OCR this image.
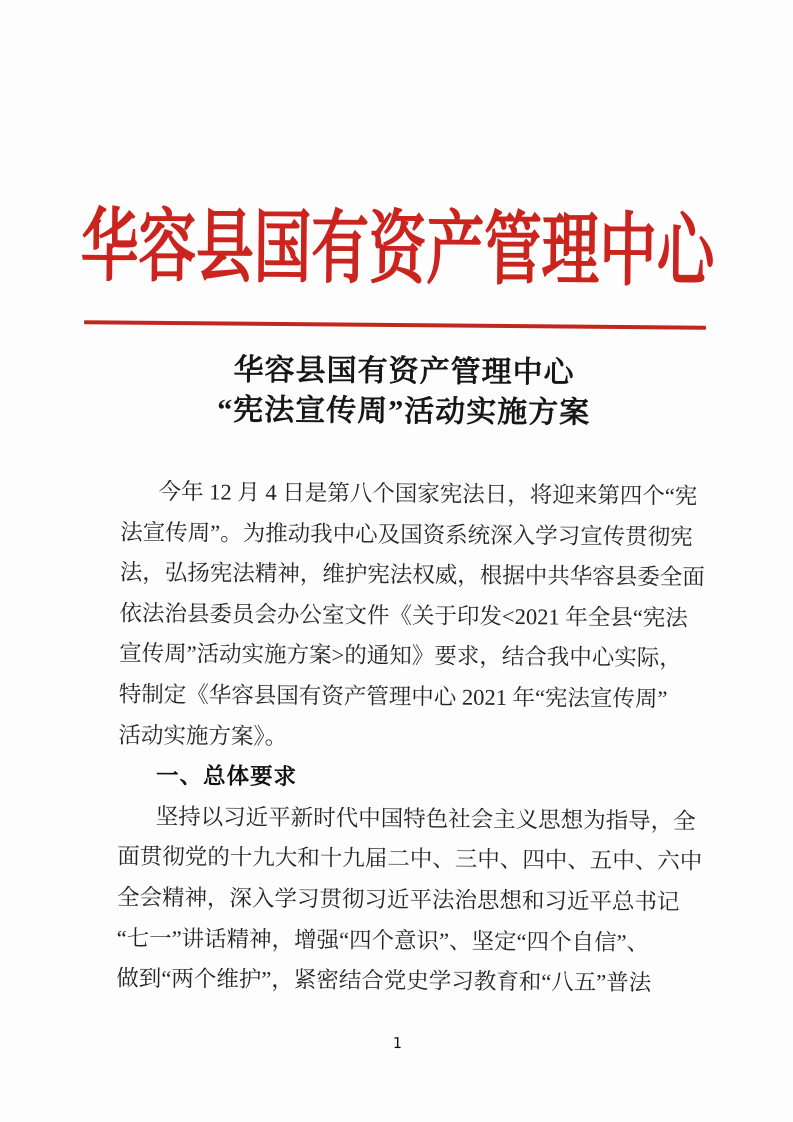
华容县国有资产管理中心
华容县国有资产管理中心
“宪法宣传周”活动实施方案
今年 12 月 4 日是第八个国家宪法日，将迎来第四个“宪
法宣传周”。为推动我中心及国资系统深入学习宣传贯彻宪
法，弘扬宪法精神，维护宪法权威，根据中共华容县委全面
依法治县委员会办公室文件《关于印发<2021 年全县“宪法
宣传周”活动实施方案>的通知》要求，结合我中心实际，
特制定《华容县国有资产管理中心 2021 年“宪法宣传周”
活动实施方案》。
一、总体要求
坚持以习近平新时代中国特色社会主义思想为指导，全
面贯彻党的十九大和十九届二中、三中、四中、五中、六中
全会精神，深入学习贯彻习近平法治思想和习近平总书记
“七一”讲话精神，增强“四个意识”、坚定“四个自信”、
做到“两个维护”，紧密结合党史学习教育和“八五”普法
1
